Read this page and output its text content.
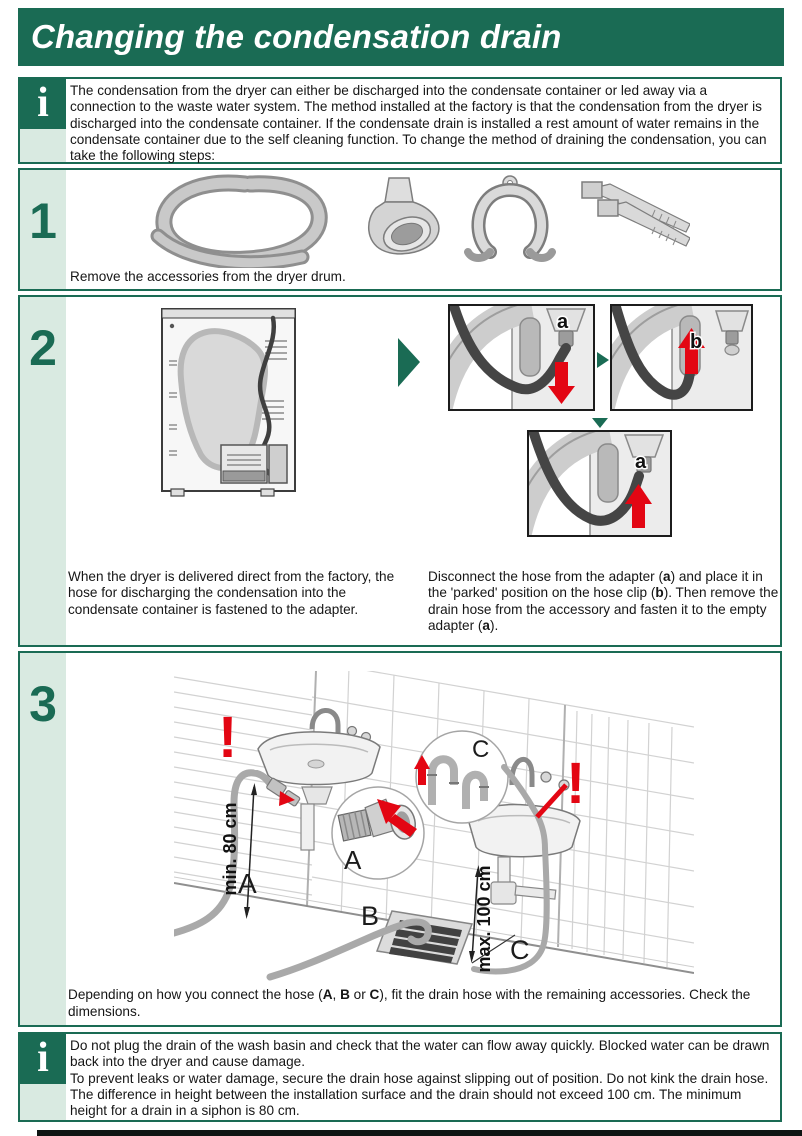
Changing the condensation drain
i The condensation from the dryer can either be discharged into the condensate container or led away via a connection to the waste water system. The method installed at the factory is that the condensation from the dryer is discharged into the condensate container. If the condensate drain is installed a rest amount of water remains in the condensate container due to the self cleaning function. To change the method of draining the condensation, you can take the following steps:
1
Remove the accessories from the dryer drum.
2	a
b
a
When the dryer is delivered direct from the factory, the hose for discharging the condensation into the condensate container is fastened to the adapter.
Disconnect the hose from the adapter (a) and place it in the 'parked' position on the hose clip (b). Then remove the drain hose from the accessory and fasten it to the empty adapter (a).
3
B
!
min. 80 cm
A
A
C
!
max. 100 cm C
Depending on how you connect the hose (A, B or C), fit the drain hose with the remaining accessories. Check the dimensions.
i Do not plug the drain of the wash basin and check that the water can flow away quickly. Blocked water can be drawn back into the dryer and cause damage.
To prevent leaks or water damage, secure the drain hose against slipping out of position. Do not kink the drain hose. The difference in height between the installation surface and the drain should not exceed 100 cm. The minimum height for a drain in a siphon is 80 cm.
